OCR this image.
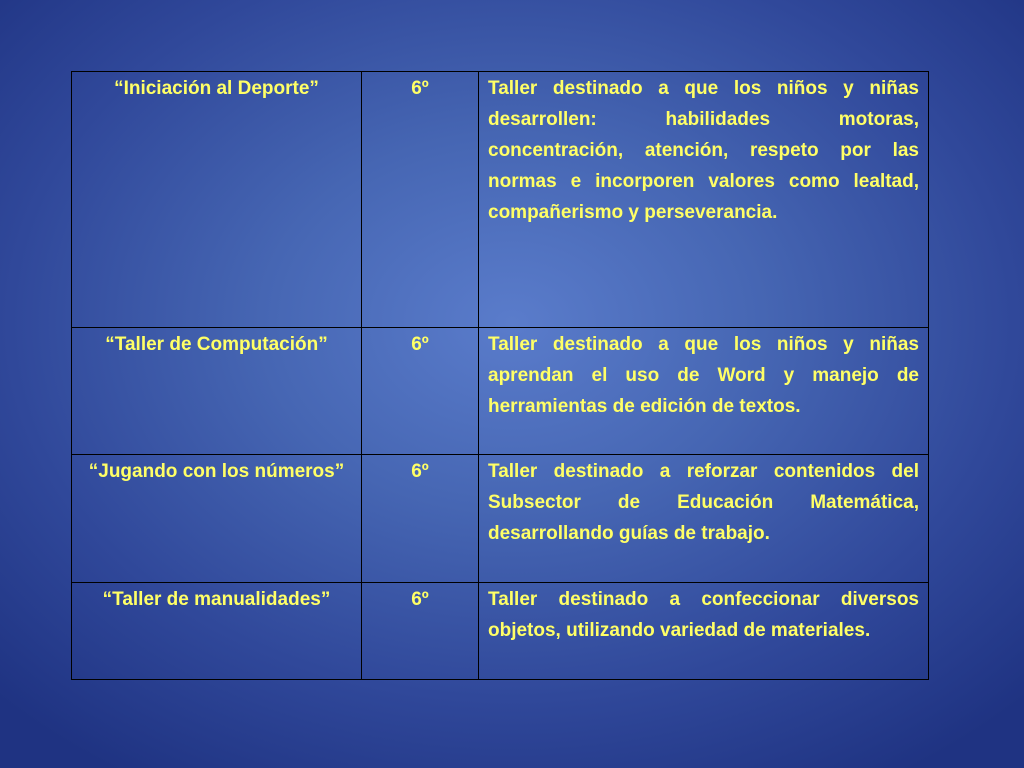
“Iniciación al Deporte”	6º	Taller destinado a que los niños y niñas desarrollen: habilidades motoras, concentración, atención, respeto por las normas e incorporen valores como lealtad, compañerismo y perseverancia.
“Taller de Computación”	6º	Taller destinado a que los niños y niñas aprendan el uso de Word y manejo de herramientas de edición de textos.
“Jugando con los números”	6º	Taller destinado a reforzar contenidos del Subsector de Educación Matemática, desarrollando guías de trabajo.
“Taller de manualidades”	6º	Taller destinado a confeccionar diversos objetos, utilizando variedad de materiales.
